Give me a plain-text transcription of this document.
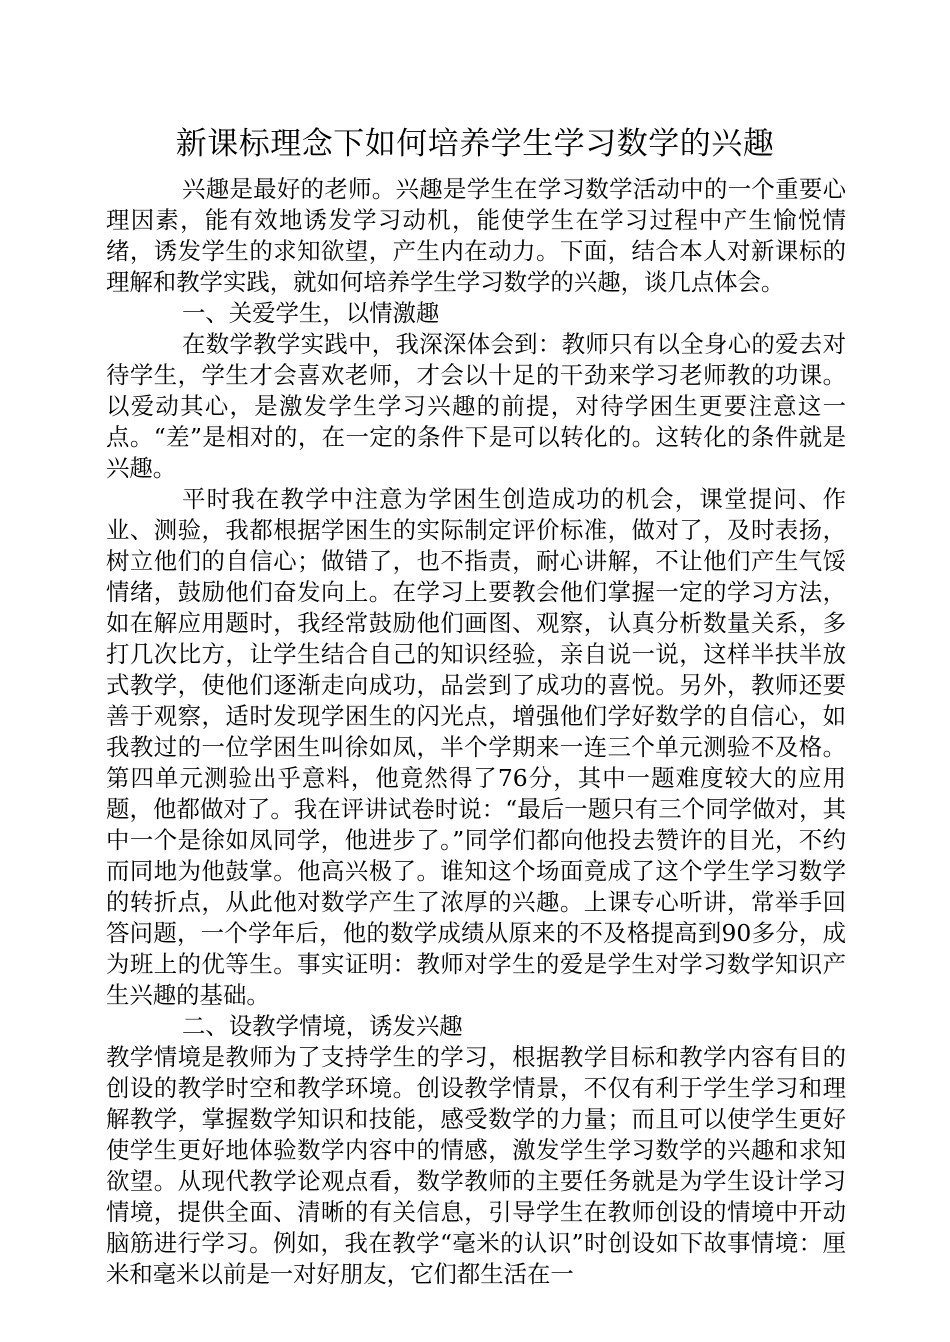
新课标理念下如何培养学生学习数学的兴趣

兴趣是最好的老师。兴趣是学生在学习数学活动中的一个重要心理因素，能有效地诱发学习动机，能使学生在学习过程中产生愉悦情绪，诱发学生的求知欲望，产生内在动力。下面，结合本人对新课标的理解和教学实践，就如何培养学生学习数学的兴趣，谈几点体会。

一、关爱学生，以情激趣

在数学教学实践中，我深深体会到：教师只有以全身心的爱去对待学生，学生才会喜欢老师，才会以十足的干劲来学习老师教的功课。以爱动其心，是激发学生学习兴趣的前提，对待学困生更要注意这一点。“差”是相对的，在一定的条件下是可以转化的。这转化的条件就是兴趣。

平时我在教学中注意为学困生创造成功的机会，课堂提问、作业、测验，我都根据学困生的实际制定评价标准，做对了，及时表扬，树立他们的自信心；做错了，也不指责，耐心讲解，不让他们产生气馁情绪，鼓励他们奋发向上。在学习上要教会他们掌握一定的学习方法，如在解应用题时，我经常鼓励他们画图、观察，认真分析数量关系，多打几次比方，让学生结合自己的知识经验，亲自说一说，这样半扶半放式教学，使他们逐渐走向成功，品尝到了成功的喜悦。另外，教师还要善于观察，适时发现学困生的闪光点，增强他们学好数学的自信心，如我教过的一位学困生叫徐如凤，半个学期来一连三个单元测验不及格。第四单元测验出乎意料，他竟然得了76分，其中一题难度较大的应用题，他都做对了。我在评讲试卷时说：“最后一题只有三个同学做对，其中一个是徐如凤同学，他进步了。”同学们都向他投去赞许的目光，不约而同地为他鼓掌。他高兴极了。谁知这个场面竟成了这个学生学习数学的转折点，从此他对数学产生了浓厚的兴趣。上课专心听讲，常举手回答问题，一个学年后，他的数学成绩从原来的不及格提高到90多分，成为班上的优等生。事实证明：教师对学生的爱是学生对学习数学知识产生兴趣的基础。

二、设教学情境，诱发兴趣

教学情境是教师为了支持学生的学习，根据教学目标和教学内容有目的创设的教学时空和教学环境。创设教学情景，不仅有利于学生学习和理解教学，掌握数学知识和技能，感受数学的力量；而且可以使学生更好使学生更好地体验数学内容中的情感，激发学生学习数学的兴趣和求知欲望。从现代教学论观点看，数学教师的主要任务就是为学生设计学习情境，提供全面、清晰的有关信息，引导学生在教师创设的情境中开动脑筋进行学习。例如，我在教学“毫米的认识”时创设如下故事情境：厘米和毫米以前是一对好朋友，它们都生活在一
